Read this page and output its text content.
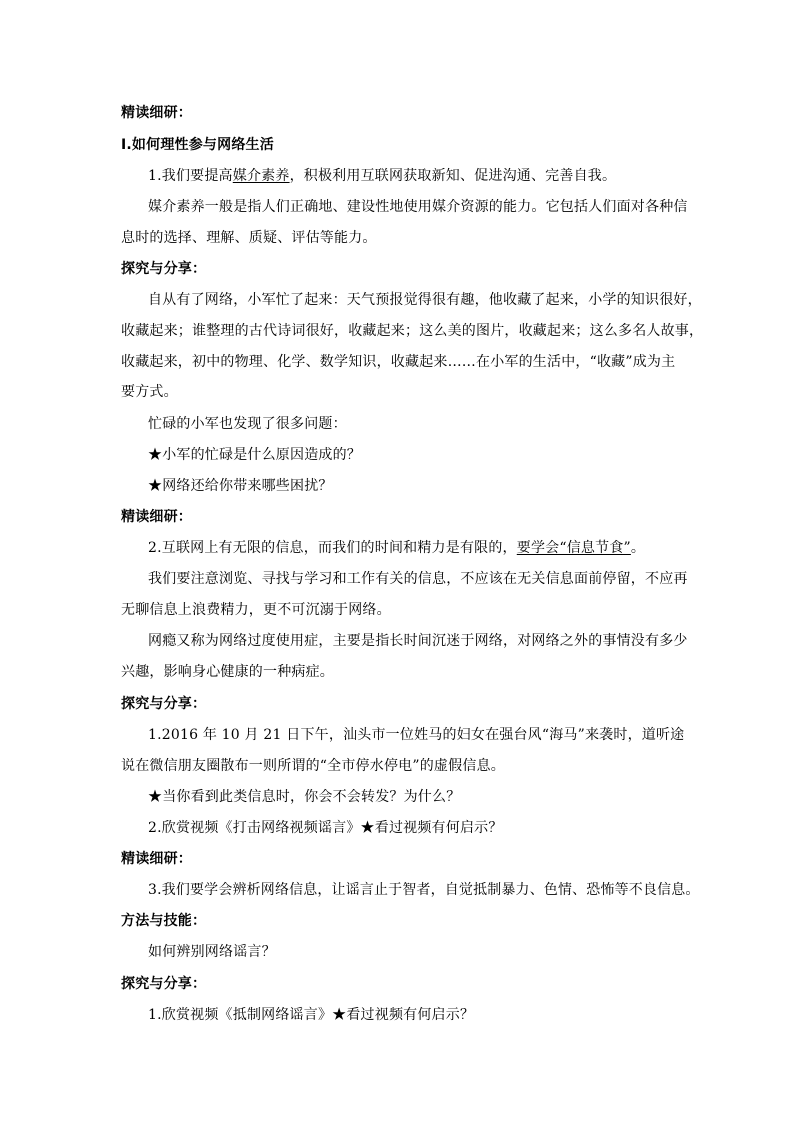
精读细研：
Ⅰ.如何理性参与网络生活
1.我们要提高媒介素养，积极利用互联网获取新知、促进沟通、完善自我。
媒介素养一般是指人们正确地、建设性地使用媒介资源的能力。它包括人们面对各种信
息时的选择、理解、质疑、评估等能力。
探究与分享：
自从有了网络，小军忙了起来：天气预报觉得很有趣，他收藏了起来，小学的知识很好，
收藏起来；谁整理的古代诗词很好，收藏起来；这么美的图片，收藏起来；这么多名人故事，
收藏起来，初中的物理、化学、数学知识，收藏起来……在小军的生活中，“收藏”成为主
要方式。
忙碌的小军也发现了很多问题：
★小军的忙碌是什么原因造成的？
★网络还给你带来哪些困扰？
精读细研：
2.互联网上有无限的信息，而我们的时间和精力是有限的，要学会“信息节食”。
我们要注意浏览、寻找与学习和工作有关的信息，不应该在无关信息面前停留，不应再
无聊信息上浪费精力，更不可沉溺于网络。
网瘾又称为网络过度使用症，主要是指长时间沉迷于网络，对网络之外的事情没有多少
兴趣，影响身心健康的一种病症。
探究与分享：
1.2016 年 10 月 21 日下午，汕头市一位姓马的妇女在强台风“海马”来袭时，道听途
说在微信朋友圈散布一则所谓的“全市停水停电”的虚假信息。
★当你看到此类信息时，你会不会转发？为什么？
2.欣赏视频《打击网络视频谣言》★看过视频有何启示？
精读细研：
3.我们要学会辨析网络信息，让谣言止于智者，自觉抵制暴力、色情、恐怖等不良信息。
方法与技能：
如何辨别网络谣言？
探究与分享：
1.欣赏视频《抵制网络谣言》★看过视频有何启示？
